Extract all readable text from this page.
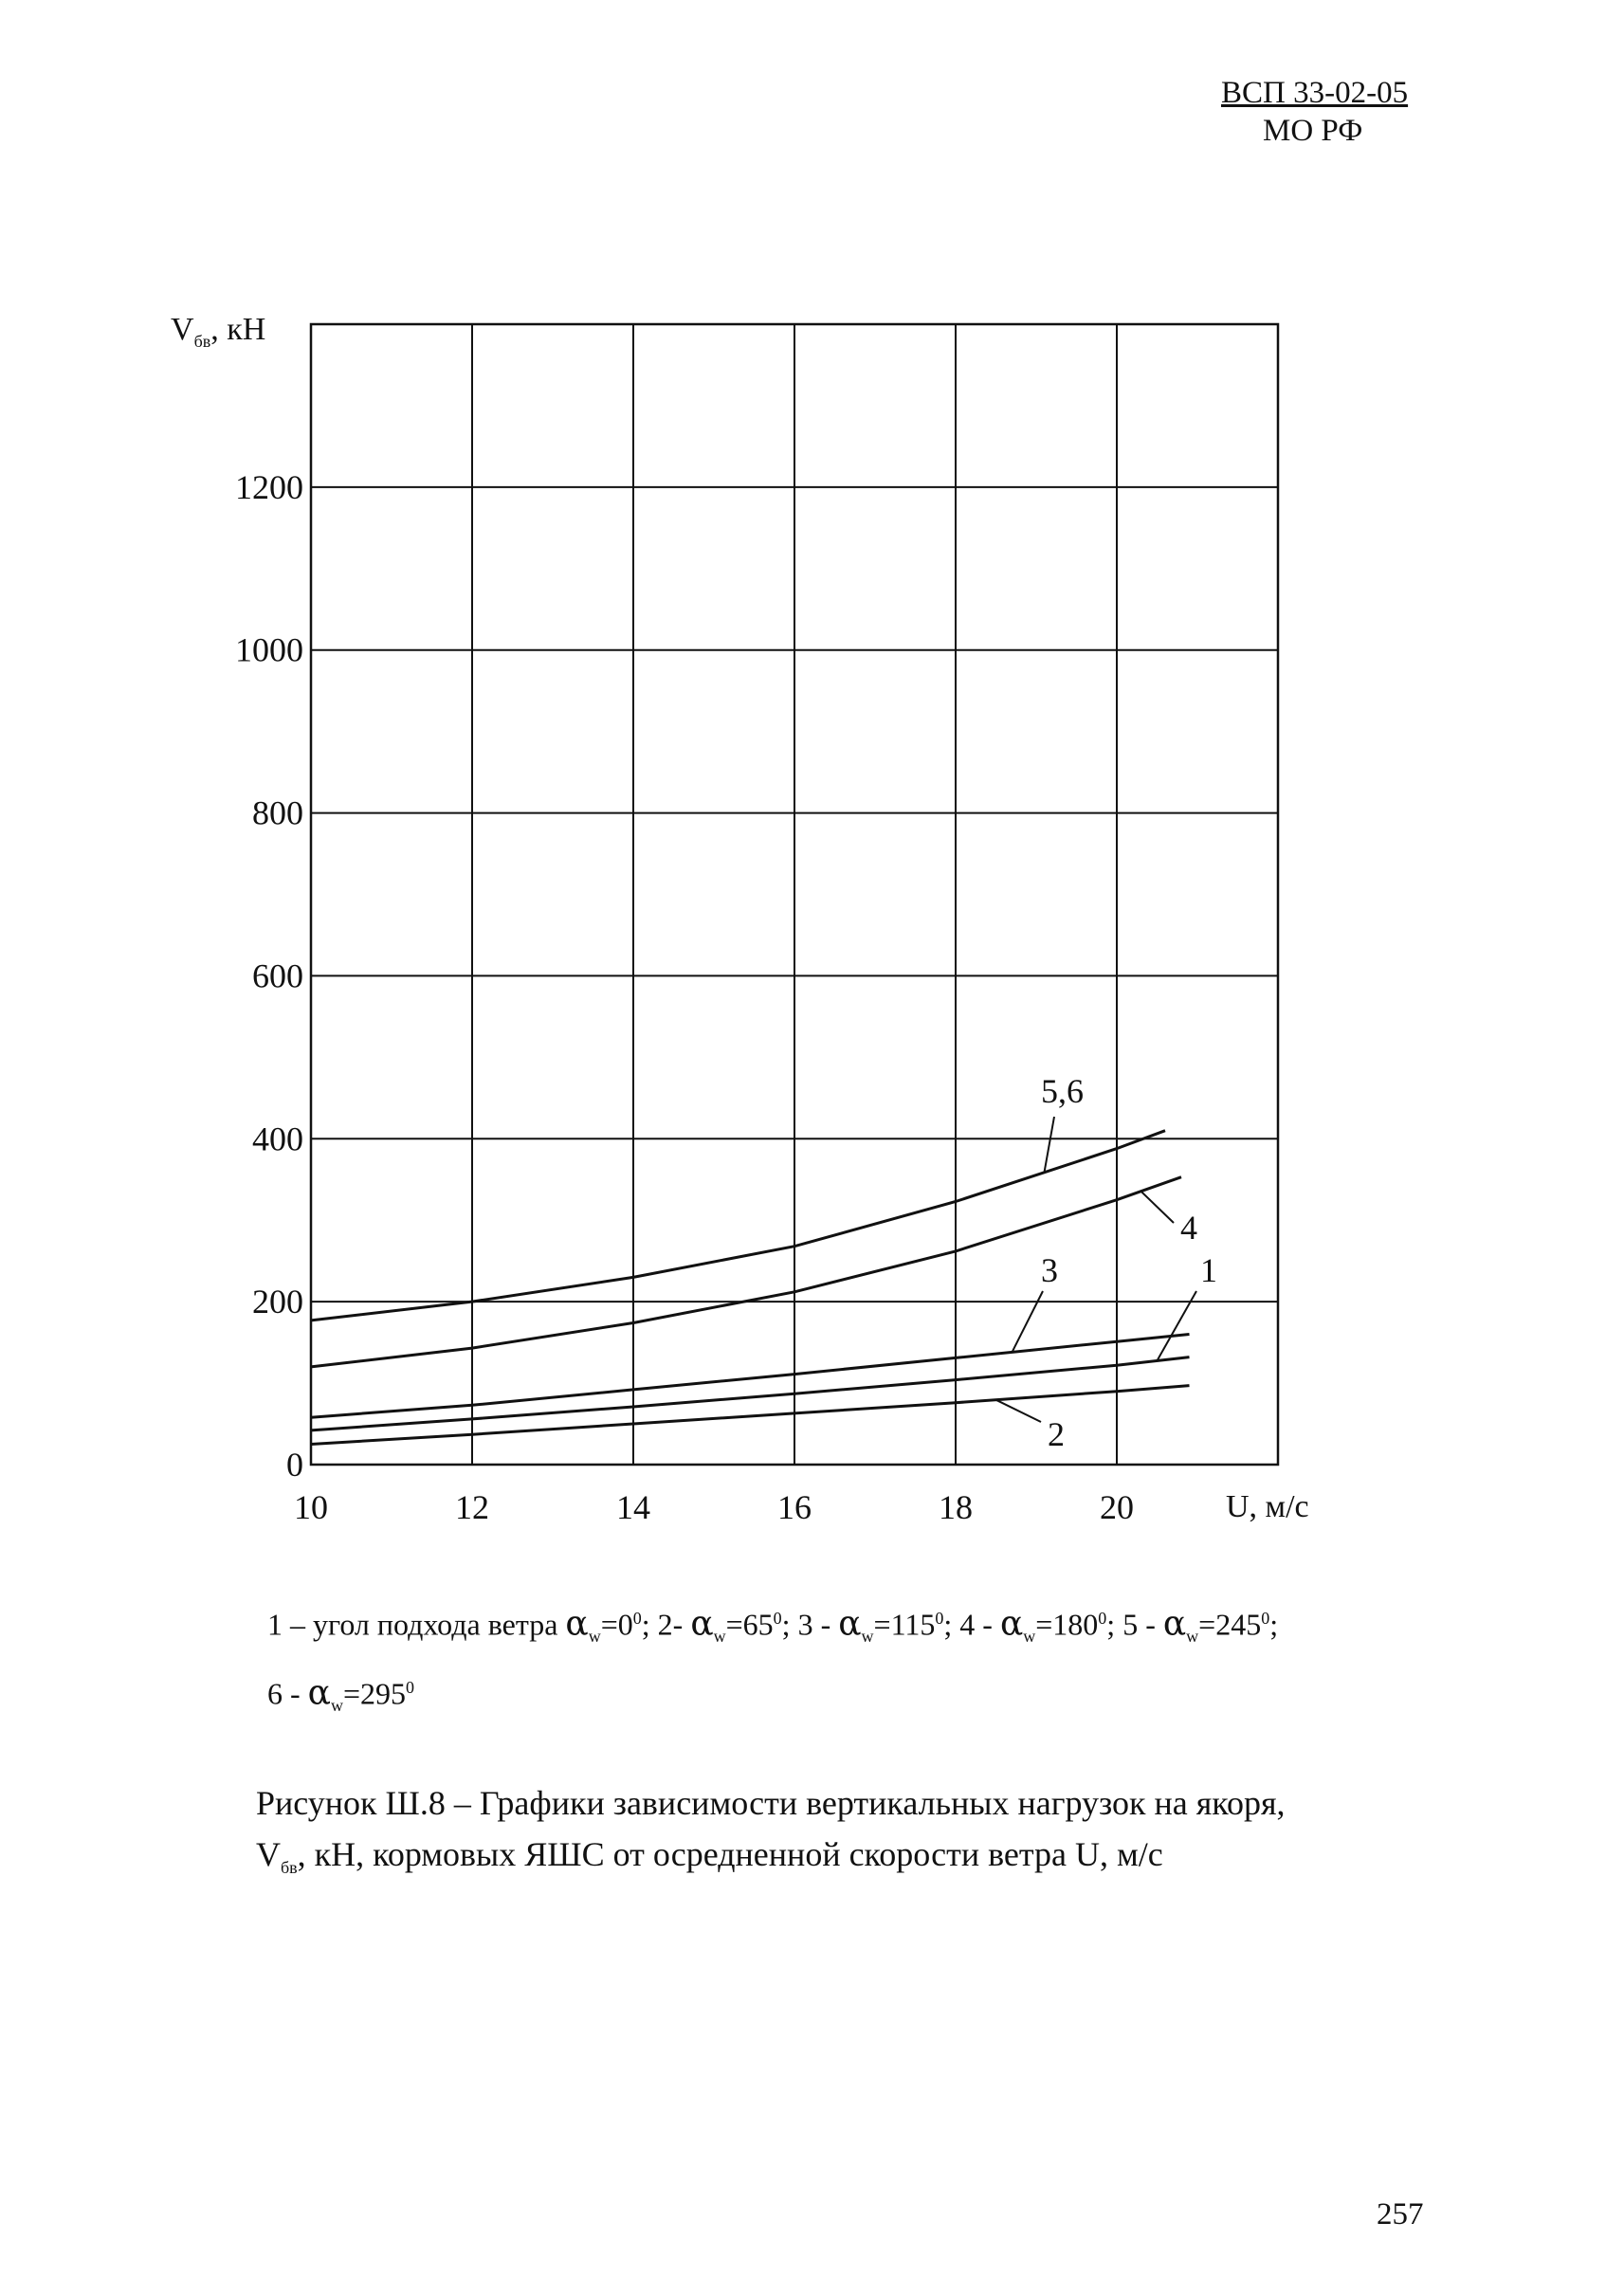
ВСП 33-02-05
МО РФ
1
2
3
4
5,6
10	12	14	16	18	20
0
200
400
600
800
1000
1200
$V_{бв}$, кН
U, м/с
1 – угол подхода ветра $\alpha_w=0^0$; 2- $\alpha_w=65^0$; $3 - \alpha_w=115^0$; $4 - \alpha_w=180^0$; $5 - \alpha_w=245^0$;
$6 - \alpha_w=295^0$
Рисунок Ш.8 – Графики зависимости вертикальных нагрузок на якоря,
$V_{бв}$, кН, кормовых ЯШС от осредненной скорости ветра U, м/с
257
